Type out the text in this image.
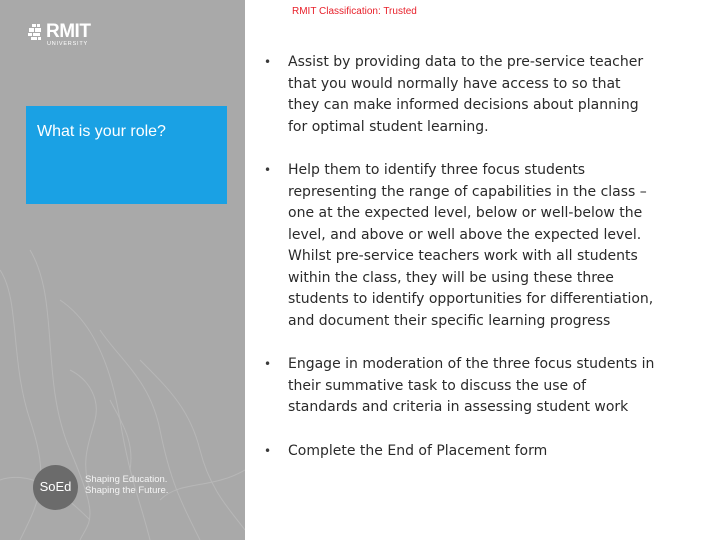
RMIT
UNIVERSITY
What is your role?
SoEd	Shaping Education.
Shaping the Future.
RMIT Classification: Trusted

• Assist by providing data to the pre-service teacher that you would normally have access to so that they can make informed decisions about planning for optimal student learning.

• Help them to identify three focus students representing the range of capabilities in the class – one at the expected level, below or well-below the level, and above or well above the expected level. Whilst pre-service teachers work with all students within the class, they will be using these three students to identify opportunities for differentiation, and document their specific learning progress

• Engage in moderation of the three focus students in their summative task to discuss the use of standards and criteria in assessing student work

• Complete the End of Placement form
